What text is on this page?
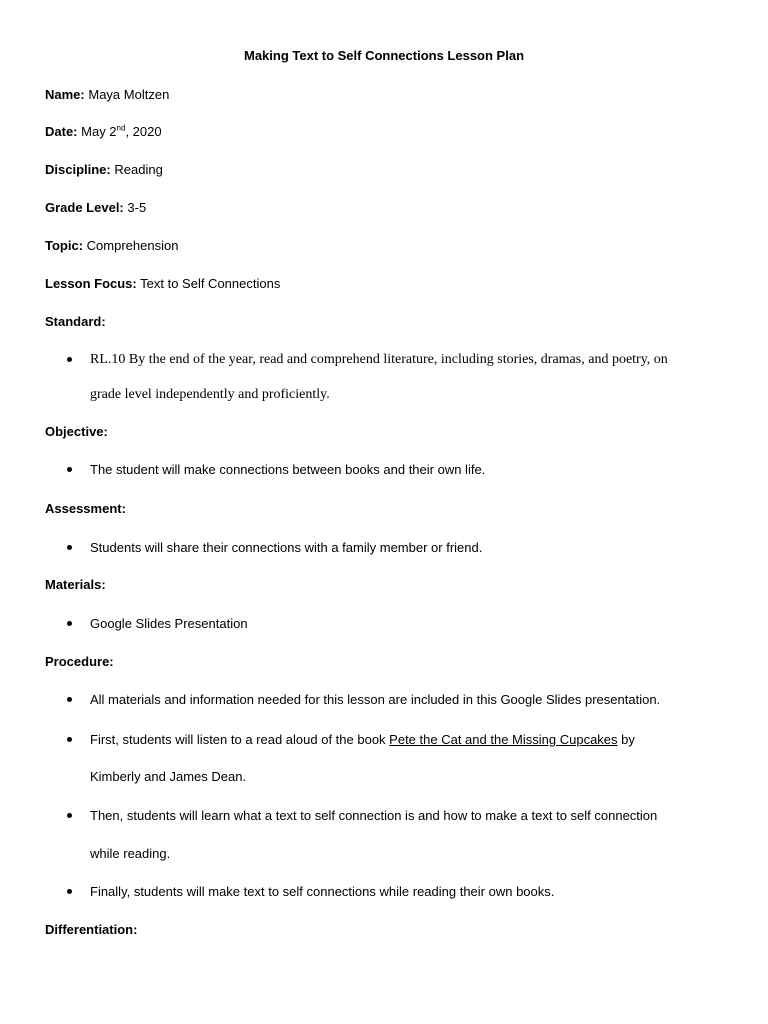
Making Text to Self Connections Lesson Plan
Name: Maya Moltzen
Date: May 2nd, 2020
Discipline: Reading
Grade Level: 3-5
Topic: Comprehension
Lesson Focus: Text to Self Connections
Standard:
RL.10 By the end of the year, read and comprehend literature, including stories, dramas, and poetry, on
grade level independently and proficiently.
Objective:
The student will make connections between books and their own life.
Assessment:
Students will share their connections with a family member or friend.
Materials:
Google Slides Presentation
Procedure:
All materials and information needed for this lesson are included in this Google Slides presentation.
First, students will listen to a read aloud of the book Pete the Cat and the Missing Cupcakes by
Kimberly and James Dean.
Then, students will learn what a text to self connection is and how to make a text to self connection
while reading.
Finally, students will make text to self connections while reading their own books.
Differentiation:
